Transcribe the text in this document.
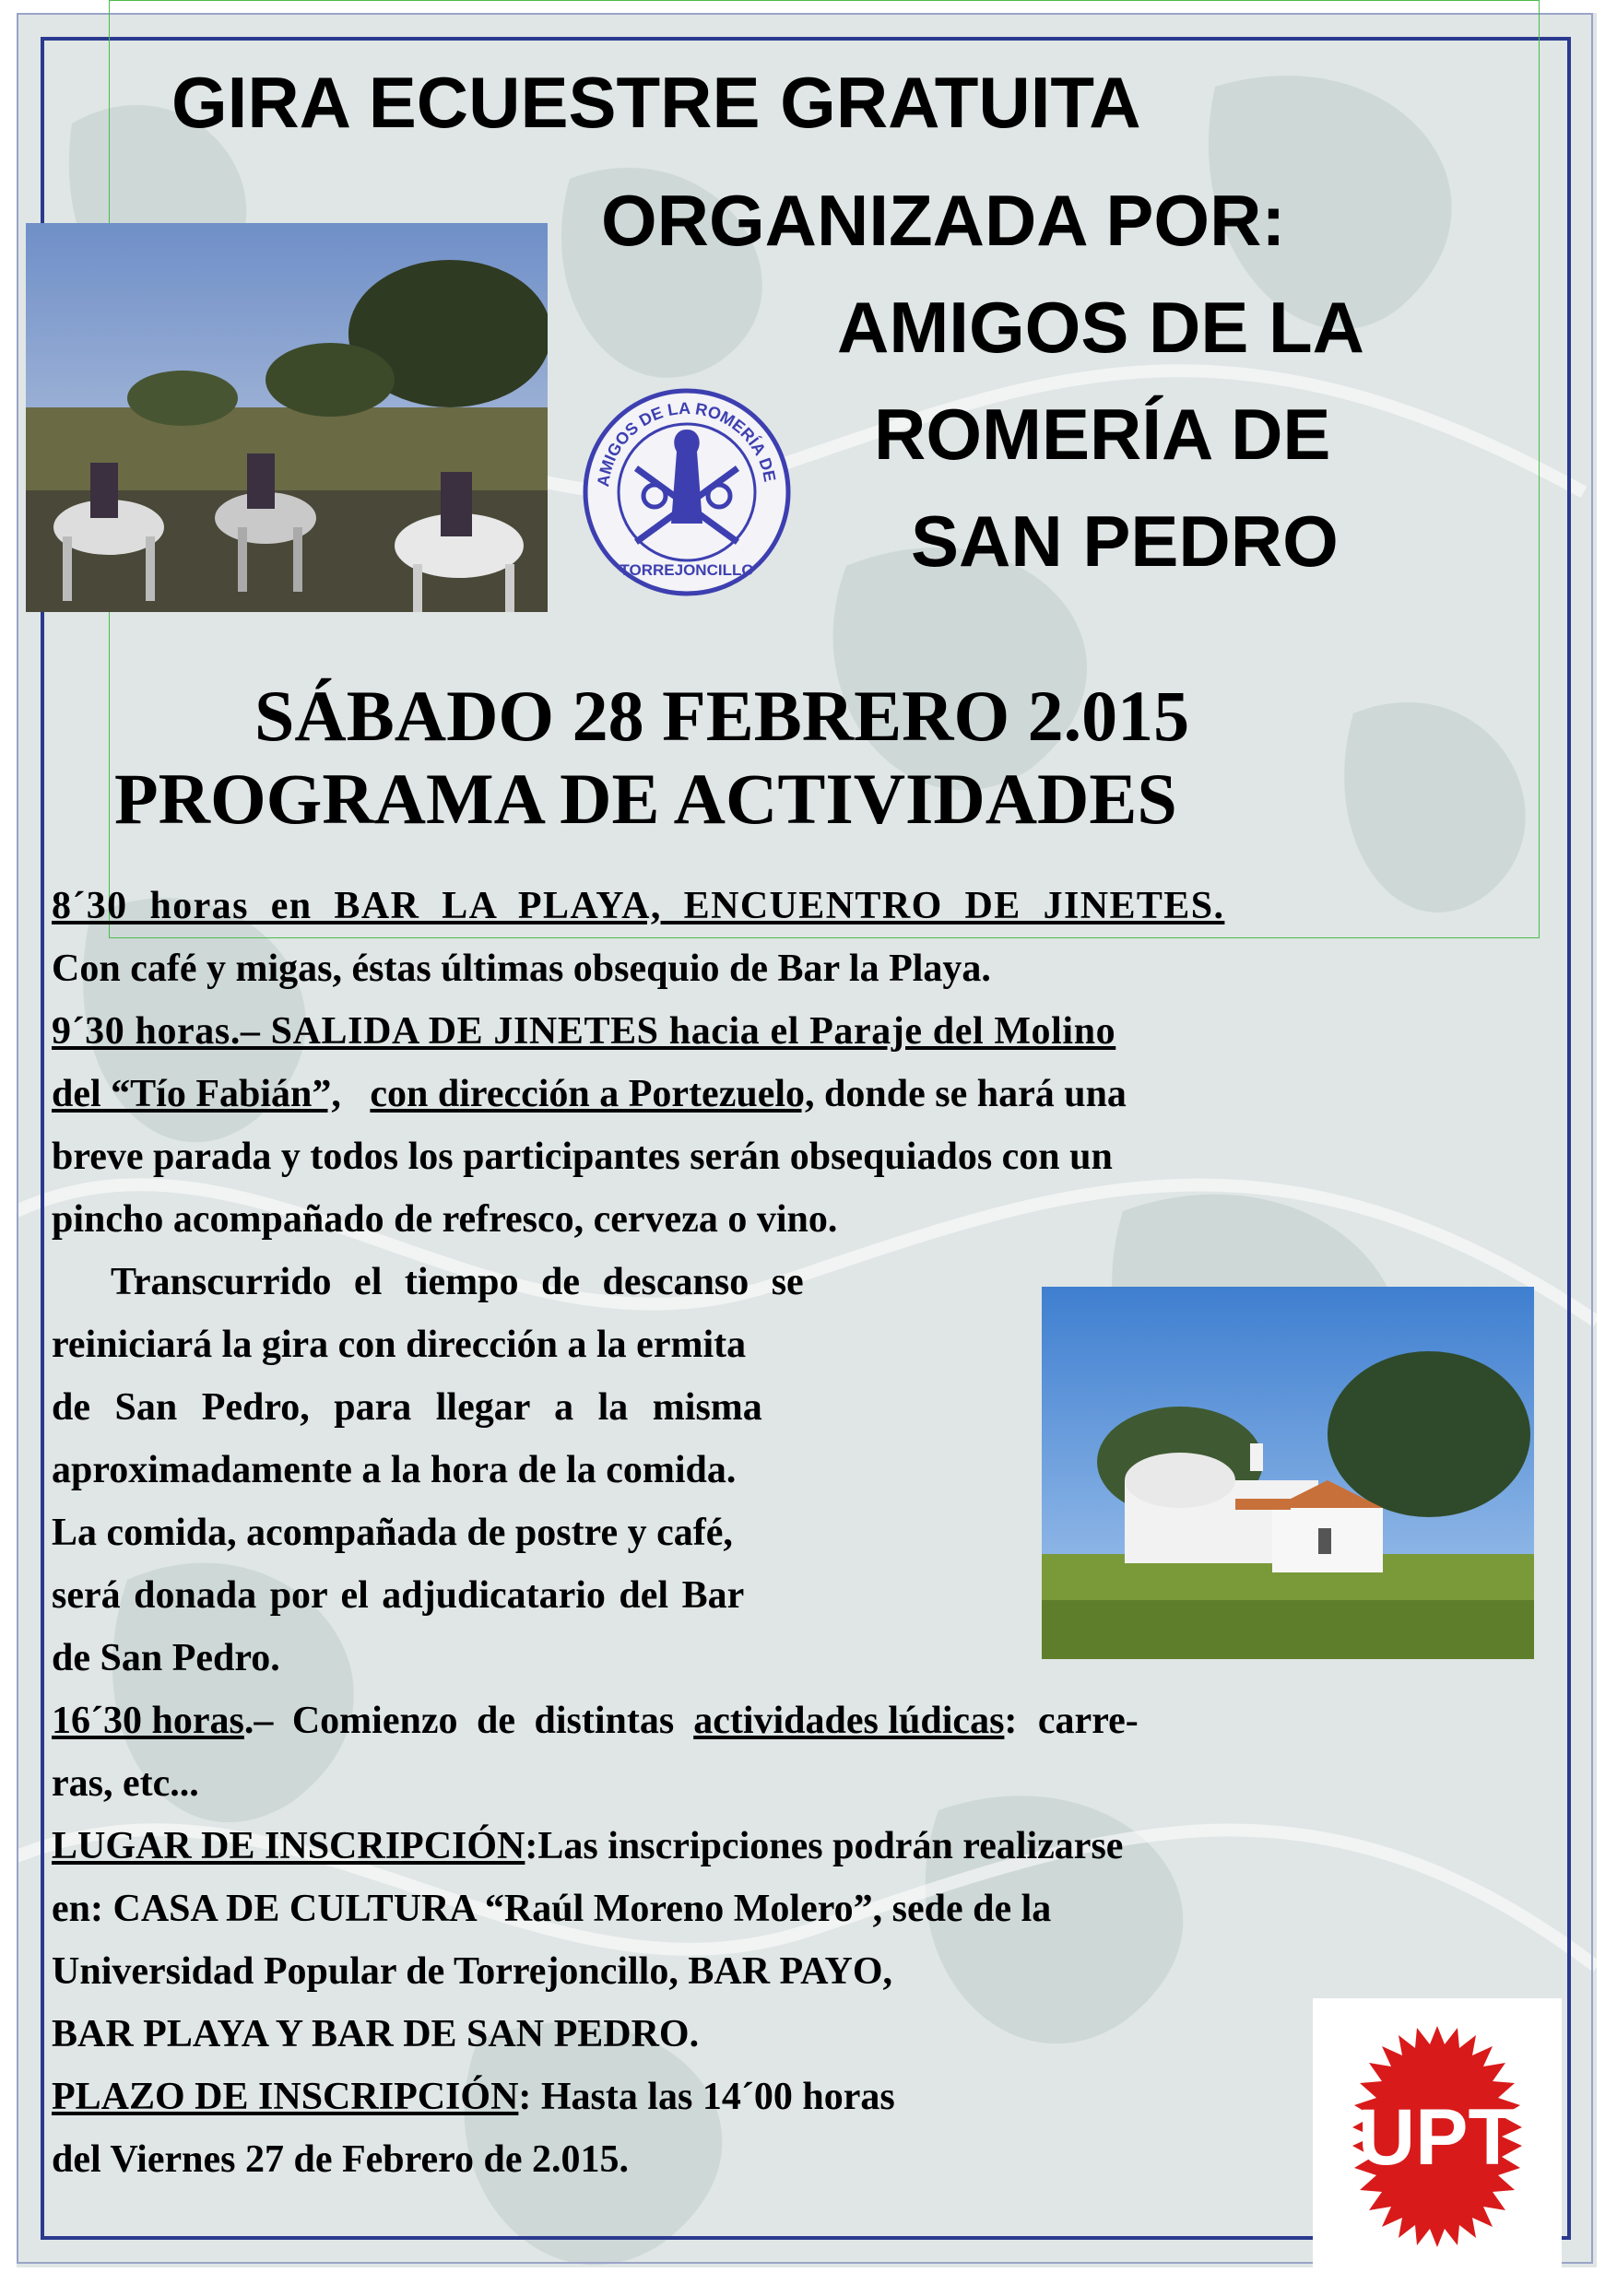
GIRA ECUESTRE GRATUITA
ORGANIZADA POR:
AMIGOS DE LA
ROMERÍA DE
SAN PEDRO
AMIGOS DE LA ROMERÍA DE
TORREJONCILLO
SÁBADO 28 FEBRERO 2.015
PROGRAMA DE ACTIVIDADES
8´30 horas en BAR LA PLAYA, ENCUENTRO DE JINETES.
Con café y migas, éstas últimas obsequio de Bar la Playa.
9´30 horas.– SALIDA DE JINETES hacia el Paraje del Molino
del “Tío Fabián”, con dirección a Portezuelo, donde se hará una
breve parada y todos los participantes serán obsequiados con un
pincho acompañado de refresco, cerveza o vino.
Transcurrido el tiempo de descanso se
reiniciará la gira con dirección a la ermita
de San Pedro, para llegar a la misma
aproximadamente a la hora de la comida.
La comida, acompañada de postre y café,
será donada por el adjudicatario del Bar
de San Pedro.
16´30 horas.– Comienzo de distintas actividades lúdicas: carre-
ras, etc...
LUGAR DE INSCRIPCIÓN:Las inscripciones podrán realizarse
en: CASA DE CULTURA “Raúl Moreno Molero”, sede de la
Universidad Popular de Torrejoncillo, BAR PAYO,
BAR PLAYA Y BAR DE SAN PEDRO.
PLAZO DE INSCRIPCIÓN: Hasta las 14´00 horas
del Viernes 27 de Febrero de 2.015.	UPT
